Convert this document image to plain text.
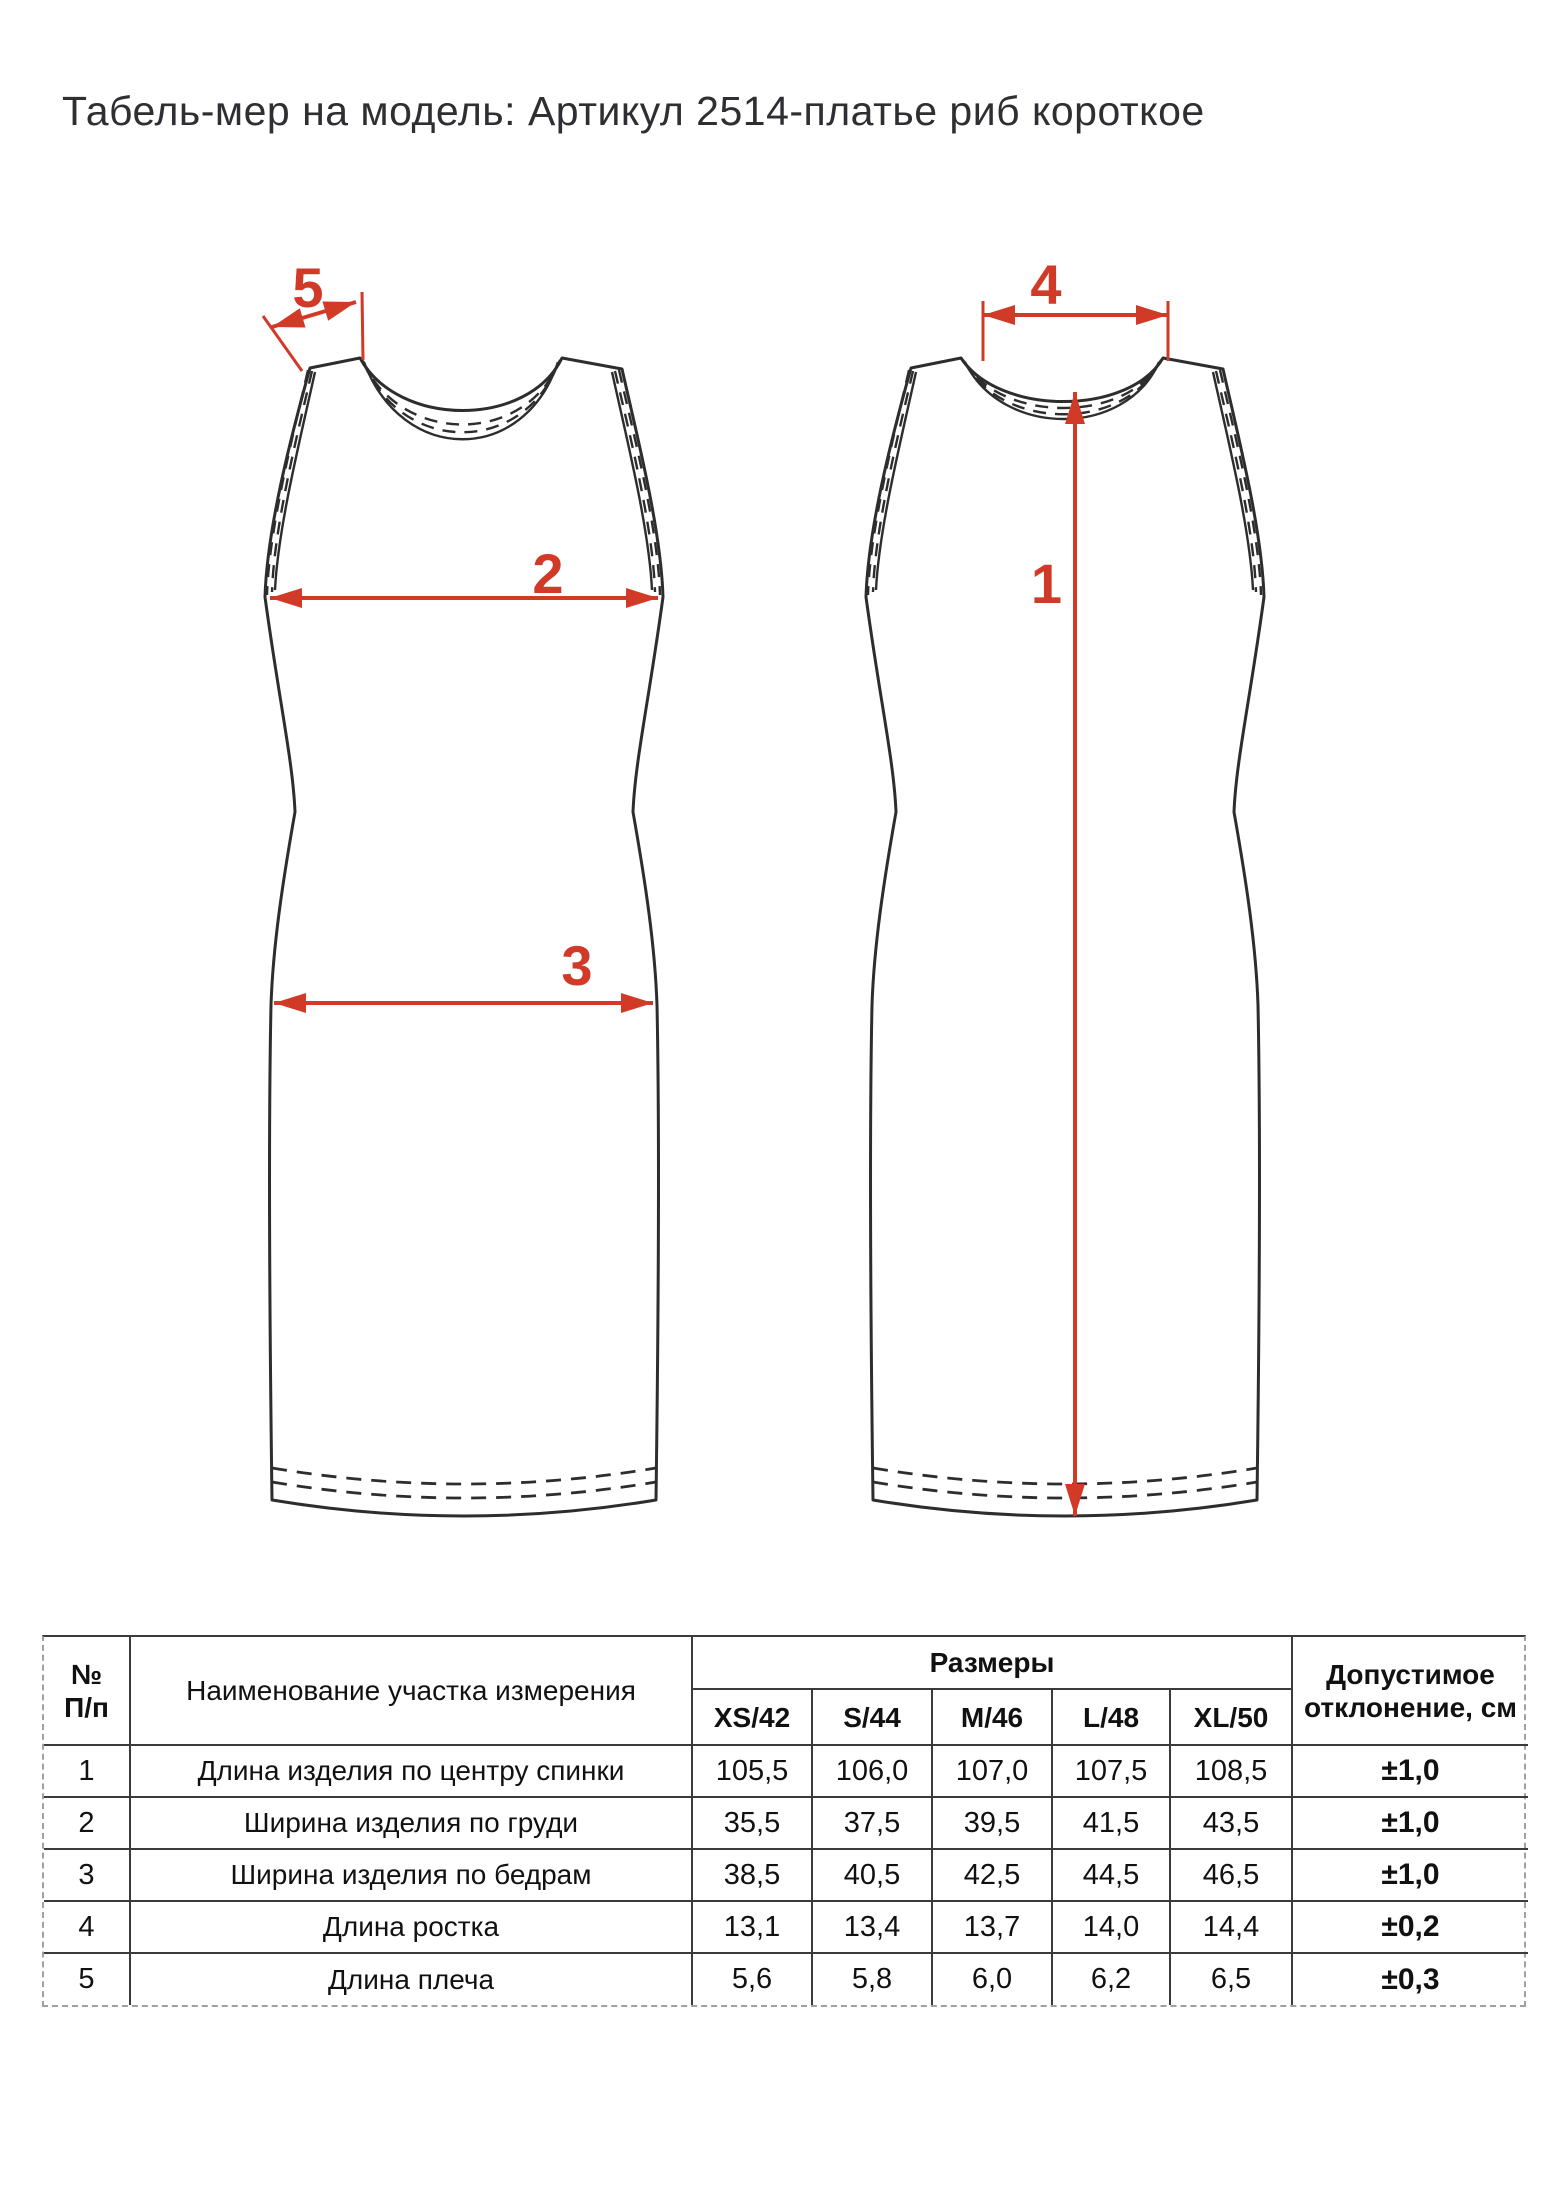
Табель-мер на модель: Артикул 2514-платье риб короткое
5
2
3
4
1
№
П/п
	Наименование участка измерения	Размеры	Допустимое
отклонение, см

		XS/42	S/44	M/46	L/48	XL/50	
1	Длина изделия по центру спинки	105,5	106,0	107,0	107,5	108,5	±1,0
2	Ширина изделия по груди	35,5	37,5	39,5	41,5	43,5	±1,0
3	Ширина изделия по бедрам	38,5	40,5	42,5	44,5	46,5	±1,0
4	Длина ростка	13,1	13,4	13,7	14,0	14,4	±0,2
5	Длина плеча	5,6	5,8	6,0	6,2	6,5	±0,3
